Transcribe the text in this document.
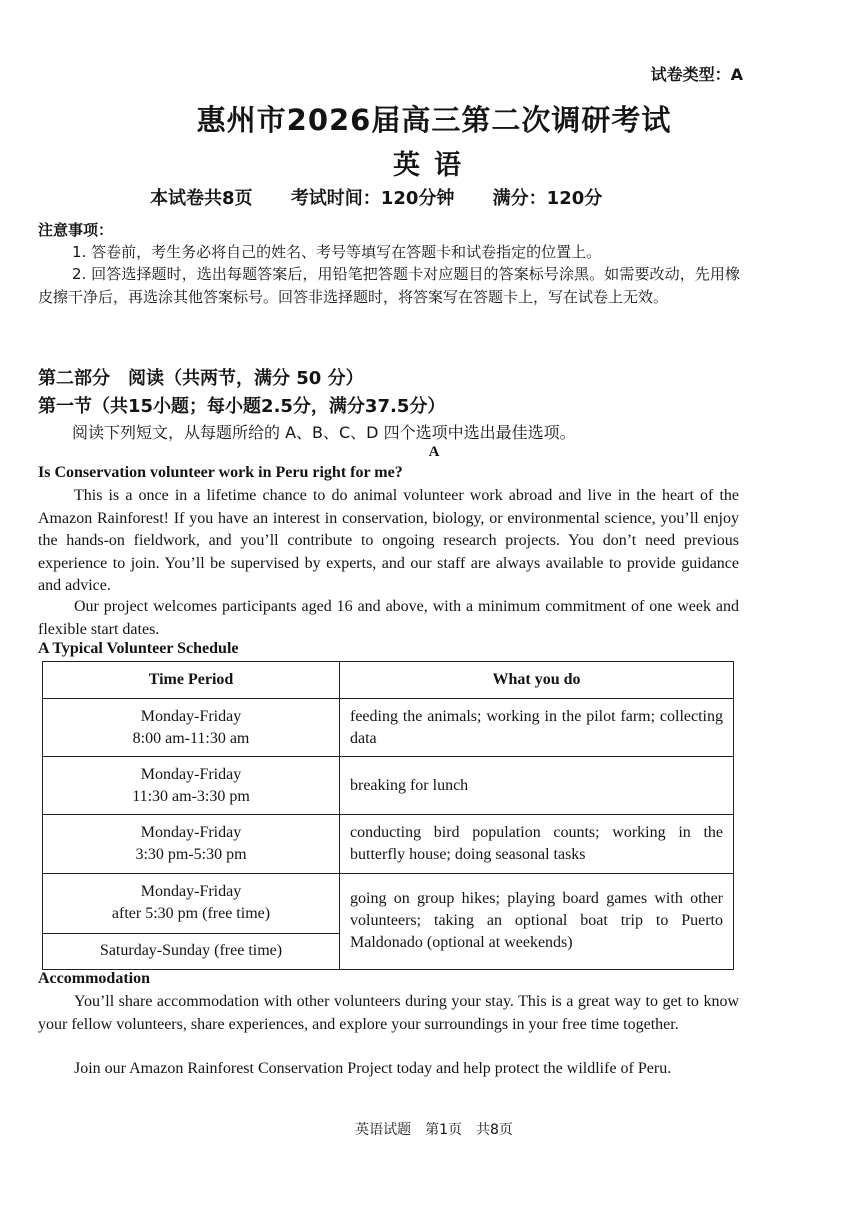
试卷类型：A
惠州市2026届高三第二次调研考试
英语
本试卷共8页 考试时间：120分钟 满分：120分
注意事项：
1. 答卷前，考生务必将自己的姓名、考号等填写在答题卡和试卷指定的位置上。
2. 回答选择题时，选出每题答案后，用铅笔把答题卡对应题目的答案标号涂黑。如需要改动，先用橡皮擦干净后，再选涂其他答案标号。回答非选择题时，将答案写在答题卡上，写在试卷上无效。
第二部分　阅读（共两节，满分 50 分）
第一节（共15小题；每小题2.5分，满分37.5分）
阅读下列短文，从每题所给的 A、B、C、D 四个选项中选出最佳选项。
A
Is Conservation volunteer work in Peru right for me?
This is a once in a lifetime chance to do animal volunteer work abroad and live in the heart of the Amazon Rainforest! If you have an interest in conservation, biology, or environmental science, you’ll enjoy the hands-on fieldwork, and you’ll contribute to ongoing research projects. You don’t need previous experience to join. You’ll be supervised by experts, and our staff are always available to provide guidance and advice.
Our project welcomes participants aged 16 and above, with a minimum commitment of one week and flexible start dates.
A Typical Volunteer Schedule
Time Period	What you do
Monday-Friday
8:00 am-11:30 am	feeding the animals; working in the pilot farm; collecting data
Monday-Friday
11:30 am-3:30 pm	breaking for lunch
Monday-Friday
3:30 pm-5:30 pm	conducting bird population counts; working in the butterfly house; doing seasonal tasks
Monday-Friday
after 5:30 pm (free time)	going on group hikes; playing board games with other volunteers; taking an optional boat trip to Puerto Maldonado (optional at weekends)
Saturday-Sunday (free time)	
Accommodation
You’ll share accommodation with other volunteers during your stay. This is a great way to get to know your fellow volunteers, share experiences, and explore your surroundings in your free time together.
Join our Amazon Rainforest Conservation Project today and help protect the wildlife of Peru.
英语试题　第1页　共8页
